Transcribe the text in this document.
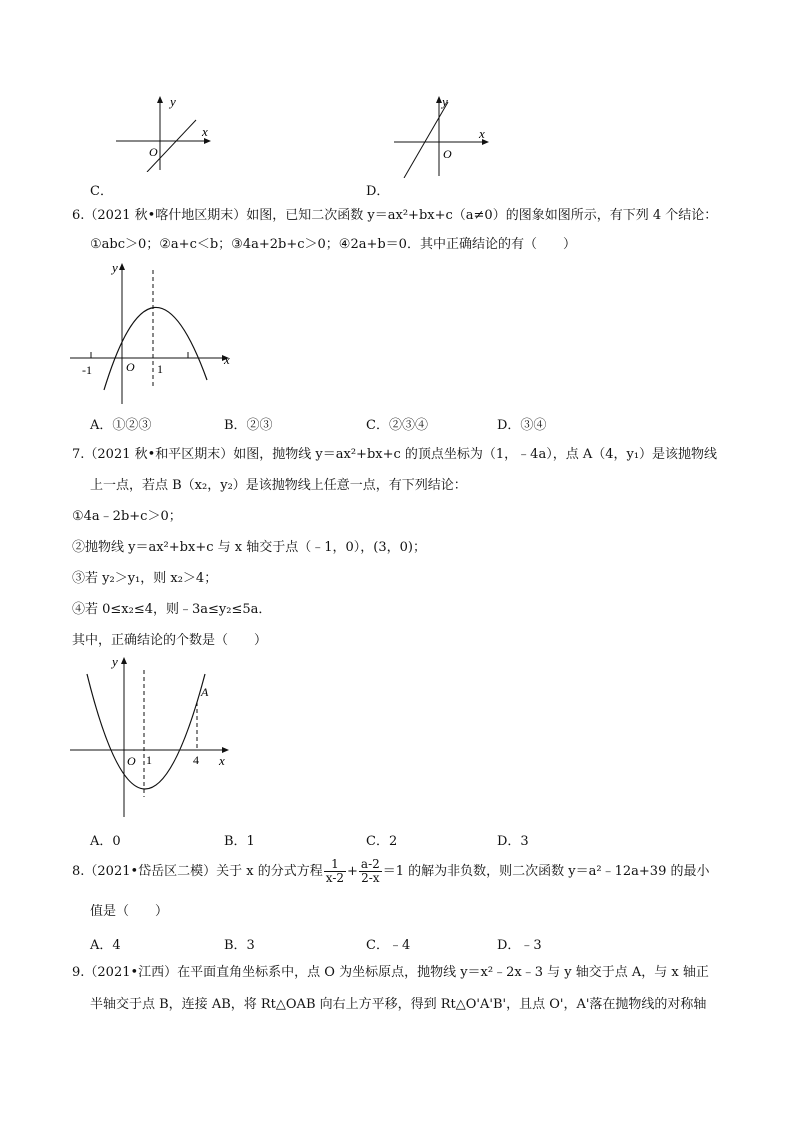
y
x
O
C．
y
x
O
D．
6.（2021 秋•喀什地区期末）如图，已知二次函数 y＝ax²+bx+c（a≠0）的图象如图所示，有下列 4 个结论：
①abc＞0；②a+c＜b；③4a+2b+c＞0；④2a+b＝0．其中正确结论的有（　　）
y
x
O
-1	1
A．①②③	B．②③	C．②③④	D．③④
7.（2021 秋•和平区期末）如图，抛物线 y＝ax²+bx+c 的顶点坐标为（1，﹣4a），点 A（4，y₁）是该抛物线
上一点，若点 B（x₂，y₂）是该抛物线上任意一点，有下列结论：
①4a﹣2b+c＞0；
②抛物线 y＝ax²+bx+c 与 x 轴交于点（﹣1，0），(3，0)；
③若 y₂＞y₁，则 x₂＞4；
④若 0≤x₂≤4，则﹣3a≤y₂≤5a．
其中，正确结论的个数是（　　）
y
x
O 1	4
A
A．0	B．1	C．2	D．3
8.（2021•岱岳区二模）关于 x 的分式方程 $\frac{1}{x-2} + \frac{a-2}{2-x} =1$ 的解为非负数，则二次函数 y＝a²﹣12a+39 的最小
值是（　　）
A．4	B．3	C．﹣4	D．﹣3
9.（2021•江西）在平面直角坐标系中，点 O 为坐标原点，抛物线 y＝x²﹣2x﹣3 与 y 轴交于点 A，与 x 轴正
半轴交于点 B，连接 AB，将 Rt△OAB 向右上方平移，得到 Rt△O'A'B'，且点 O'，A'落在抛物线的对称轴
